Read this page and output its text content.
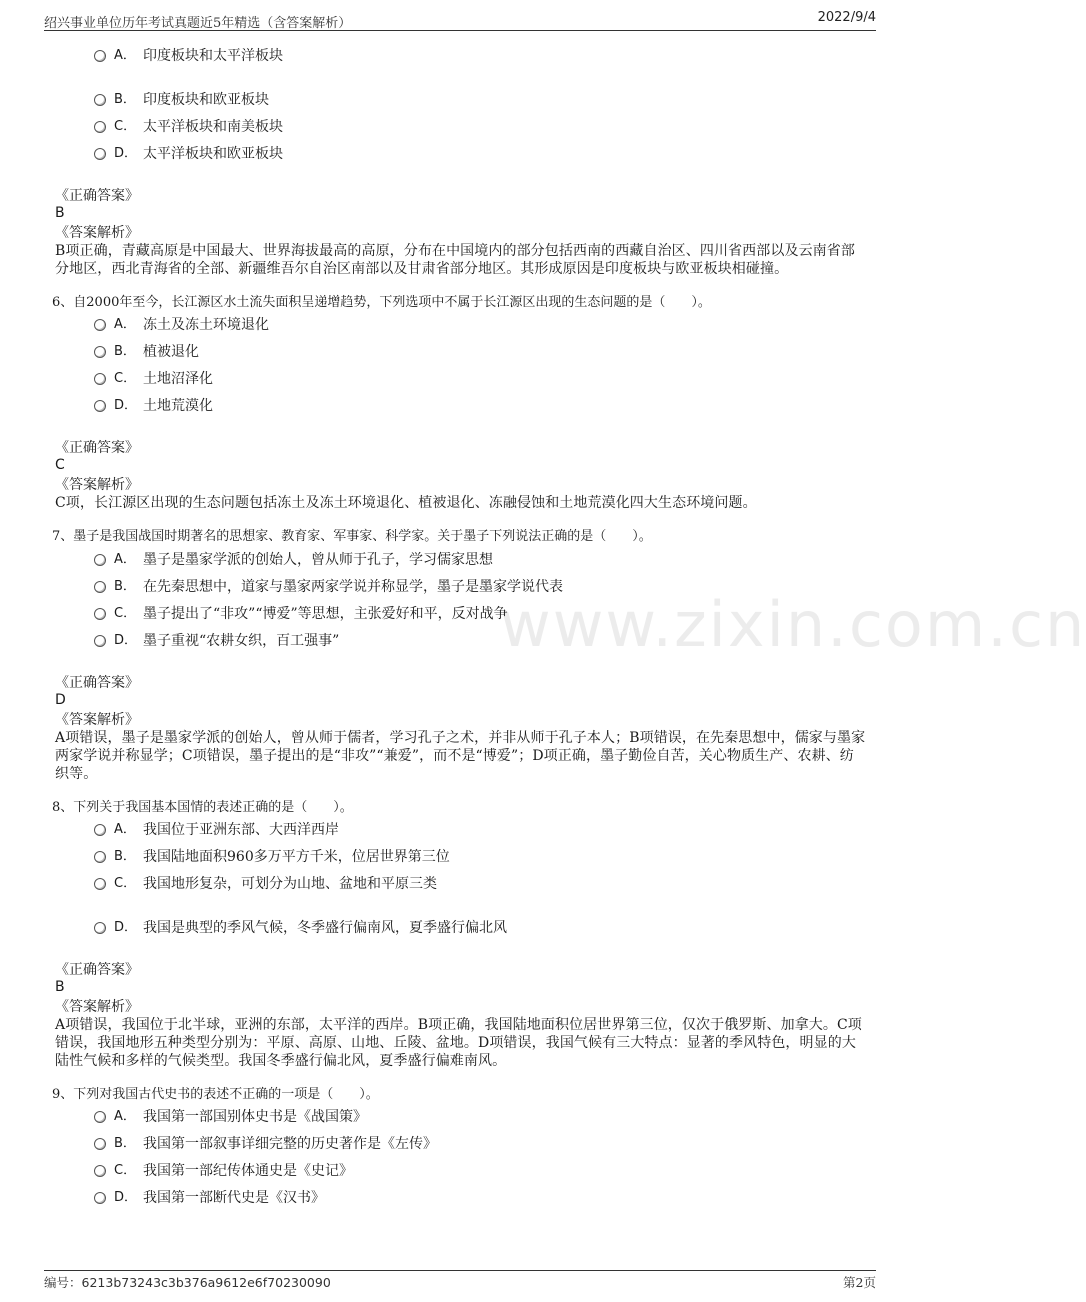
绍兴事业单位历年考试真题近5年精选（含答案解析）	2022/9/4
www.zixin.com.cn
A． 印度板块和太平洋板块
B． 印度板块和欧亚板块
C． 太平洋板块和南美板块
D． 太平洋板块和欧亚板块
《正确答案》
B
《答案解析》
B项正确，青藏高原是中国最大、世界海拔最高的高原，分布在中国境内的部分包括西南的西藏自治区、四川省西部以及云南省部分地区，西北青海省的全部、新疆维吾尔自治区南部以及甘肃省部分地区。其形成原因是印度板块与欧亚板块相碰撞。
6、自2000年至今，长江源区水土流失面积呈递增趋势，下列选项中不属于长江源区出现的生态问题的是（　　）。
A． 冻土及冻土环境退化
B． 植被退化
C． 土地沼泽化
D． 土地荒漠化
《正确答案》
C
《答案解析》
C项，长江源区出现的生态问题包括冻土及冻土环境退化、植被退化、冻融侵蚀和土地荒漠化四大生态环境问题。
7、墨子是我国战国时期著名的思想家、教育家、军事家、科学家。关于墨子下列说法正确的是（　　）。
A． 墨子是墨家学派的创始人，曾从师于孔子，学习儒家思想
B． 在先秦思想中，道家与墨家两家学说并称显学，墨子是墨家学说代表
C． 墨子提出了“非攻”“博爱”等思想，主张爱好和平，反对战争
D． 墨子重视“农耕女织，百工强事”
《正确答案》
D
《答案解析》
A项错误，墨子是墨家学派的创始人，曾从师于儒者，学习孔子之术，并非从师于孔子本人；B项错误，在先秦思想中，儒家与墨家两家学说并称显学；C项错误，墨子提出的是“非攻”“兼爱”，而不是“博爱”；D项正确，墨子勤俭自苦，关心物质生产、农耕、纺织等。
8、下列关于我国基本国情的表述正确的是（　　）。
A． 我国位于亚洲东部、大西洋西岸
B． 我国陆地面积960多万平方千米，位居世界第三位
C． 我国地形复杂，可划分为山地、盆地和平原三类
D． 我国是典型的季风气候，冬季盛行偏南风，夏季盛行偏北风
《正确答案》
B
《答案解析》
A项错误，我国位于北半球，亚洲的东部，太平洋的西岸。B项正确，我国陆地面积位居世界第三位，仅次于俄罗斯、加拿大。C项错误，我国地形五种类型分别为：平原、高原、山地、丘陵、盆地。D项错误，我国气候有三大特点：显著的季风特色，明显的大陆性气候和多样的气候类型。我国冬季盛行偏北风，夏季盛行偏难南风。
9、下列对我国古代史书的表述不正确的一项是（　　）。
A． 我国第一部国别体史书是《战国策》
B． 我国第一部叙事详细完整的历史著作是《左传》
C． 我国第一部纪传体通史是《史记》
D． 我国第一部断代史是《汉书》
编号：6213b73243c3b376a9612e6f70230090	第2页
